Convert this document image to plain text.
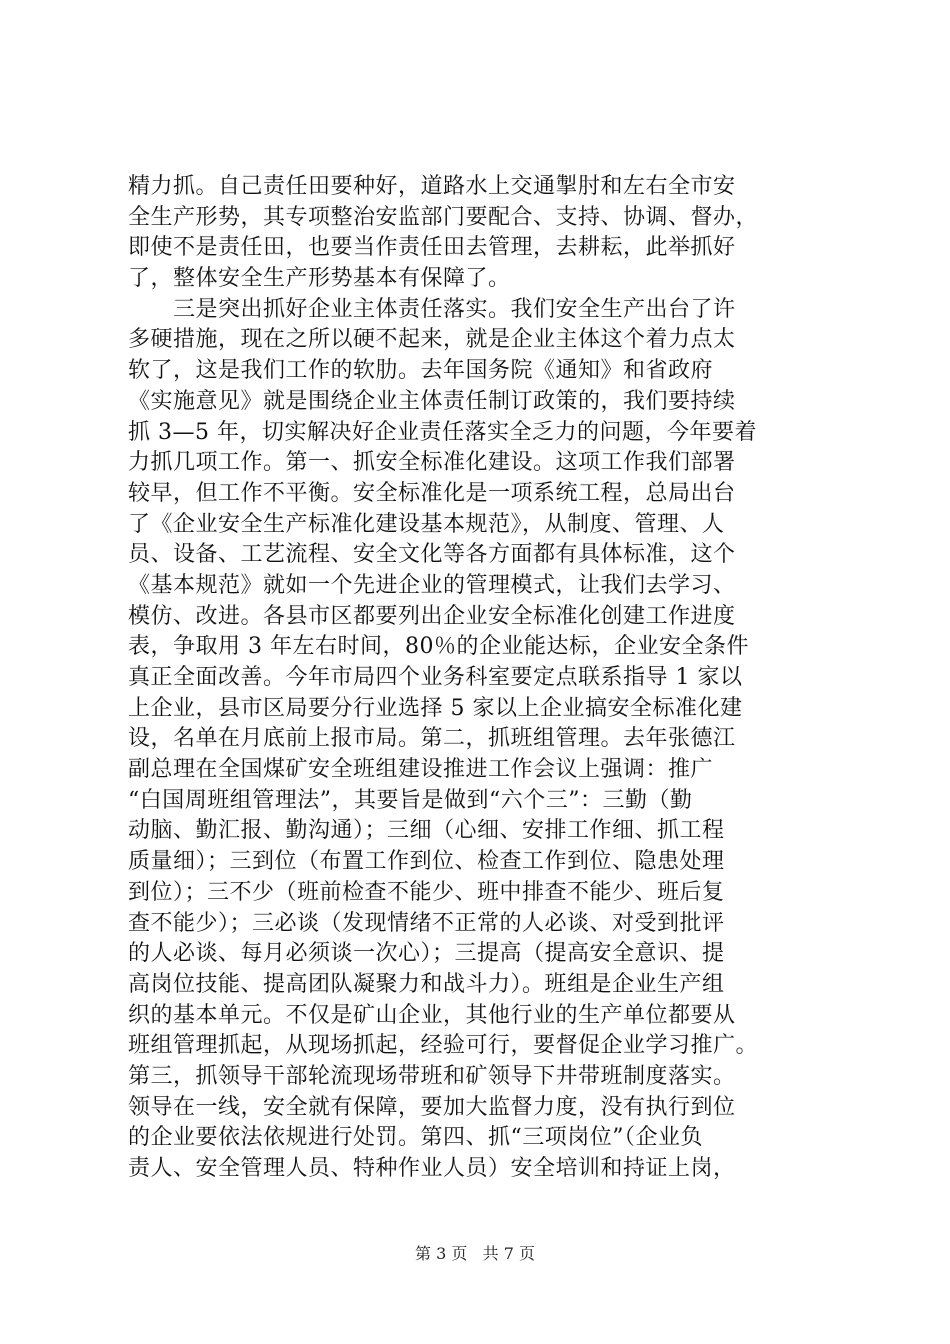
精力抓。自己责任田要种好，道路水上交通掣肘和左右全市安
全生产形势，其专项整治安监部门要配合、支持、协调、督办，
即使不是责任田，也要当作责任田去管理，去耕耘，此举抓好
了，整体安全生产形势基本有保障了。
　　三是突出抓好企业主体责任落实。我们安全生产出台了许
多硬措施，现在之所以硬不起来，就是企业主体这个着力点太
软了，这是我们工作的软肋。去年国务院《通知》和省政府
《实施意见》就是围绕企业主体责任制订政策的，我们要持续
抓 3—5 年，切实解决好企业责任落实全乏力的问题，今年要着
力抓几项工作。第一、抓安全标准化建设。这项工作我们部署
较早，但工作不平衡。安全标准化是一项系统工程，总局出台
了《企业安全生产标准化建设基本规范》，从制度、管理、人
员、设备、工艺流程、安全文化等各方面都有具体标准，这个
《基本规范》就如一个先进企业的管理模式，让我们去学习、
模仿、改进。各县市区都要列出企业安全标准化创建工作进度
表，争取用 3 年左右时间，80％的企业能达标，企业安全条件
真正全面改善。今年市局四个业务科室要定点联系指导 1 家以
上企业，县市区局要分行业选择 5 家以上企业搞安全标准化建
设，名单在月底前上报市局。第二，抓班组管理。去年张德江
副总理在全国煤矿安全班组建设推进工作会议上强调：推广
“白国周班组管理法”，其要旨是做到“六个三”：三勤（勤
动脑、勤汇报、勤沟通）；三细（心细、安排工作细、抓工程
质量细）；三到位（布置工作到位、检查工作到位、隐患处理
到位）；三不少（班前检查不能少、班中排查不能少、班后复
查不能少）；三必谈（发现情绪不正常的人必谈、对受到批评
的人必谈、每月必须谈一次心）；三提高（提高安全意识、提
高岗位技能、提高团队凝聚力和战斗力）。班组是企业生产组
织的基本单元。不仅是矿山企业，其他行业的生产单位都要从
班组管理抓起，从现场抓起，经验可行，要督促企业学习推广。
第三，抓领导干部轮流现场带班和矿领导下井带班制度落实。
领导在一线，安全就有保障，要加大监督力度，没有执行到位
的企业要依法依规进行处罚。第四、抓“三项岗位”（企业负
责人、安全管理人员、特种作业人员）安全培训和持证上岗，
第 3 页 共 7 页
